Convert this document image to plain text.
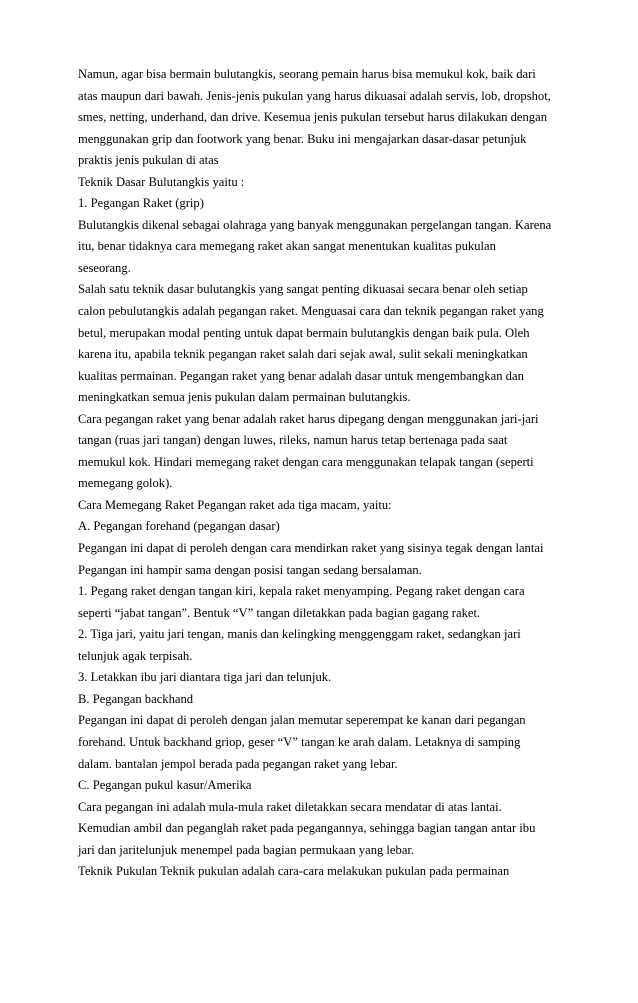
Namun, agar bisa bermain bulutangkis, seorang pemain harus bisa memukul kok, baik dari
atas maupun dari bawah. Jenis-jenis pukulan yang harus dikuasai adalah servis, lob, dropshot,
smes, netting, underhand, dan drive. Kesemua jenis pukulan tersebut harus dilakukan dengan
menggunakan grip dan footwork yang benar. Buku ini mengajarkan dasar-dasar petunjuk
praktis jenis pukulan di atas
Teknik Dasar Bulutangkis yaitu :
1. Pegangan Raket (grip)
Bulutangkis dikenal sebagai olahraga yang banyak menggunakan pergelangan tangan. Karena
itu, benar tidaknya cara memegang raket akan sangat menentukan kualitas pukulan
seseorang.
Salah satu teknik dasar bulutangkis yang sangat penting dikuasai secara benar oleh setiap
calon pebulutangkis adalah pegangan raket. Menguasai cara dan teknik pegangan raket yang
betul, merupakan modal penting untuk dapat bermain bulutangkis dengan baik pula. Oleh
karena itu, apabila teknik pegangan raket salah dari sejak awal, sulit sekali meningkatkan
kualitas permainan. Pegangan raket yang benar adalah dasar untuk mengembangkan dan
meningkatkan semua jenis pukulan dalam permainan bulutangkis.
Cara pegangan raket yang benar adalah raket harus dipegang dengan menggunakan jari-jari
tangan (ruas jari tangan) dengan luwes, rileks, namun harus tetap bertenaga pada saat
memukul kok. Hindari memegang raket dengan cara menggunakan telapak tangan (seperti
memegang golok).
Cara Memegang Raket Pegangan raket ada tiga macam, yaitu:
A. Pegangan forehand (pegangan dasar)
Pegangan ini dapat di peroleh dengan cara mendirkan raket yang sisinya tegak dengan lantai
Pegangan ini hampir sama dengan posisi tangan sedang bersalaman.
1. Pegang raket dengan tangan kiri, kepala raket menyamping. Pegang raket dengan cara
seperti “jabat tangan”. Bentuk “V” tangan diletakkan pada bagian gagang raket.
2. Tiga jari, yaitu jari tengan, manis dan kelingking menggenggam raket, sedangkan jari
telunjuk agak terpisah.
3. Letakkan ibu jari diantara tiga jari dan telunjuk.
B. Pegangan backhand
Pegangan ini dapat di peroleh dengan jalan memutar seperempat ke kanan dari pegangan
forehand. Untuk backhand griop, geser “V” tangan ke arah dalam. Letaknya di samping
dalam. bantalan jempol berada pada pegangan raket yang lebar.
C. Pegangan pukul kasur/Amerika
Cara pegangan ini adalah mula-mula raket diletakkan secara mendatar di atas lantai.
Kemudian ambil dan peganglah raket pada pegangannya, sehingga bagian tangan antar ibu
jari dan jaritelunjuk menempel pada bagian permukaan yang lebar.
Teknik Pukulan Teknik pukulan adalah cara-cara melakukan pukulan pada permainan
